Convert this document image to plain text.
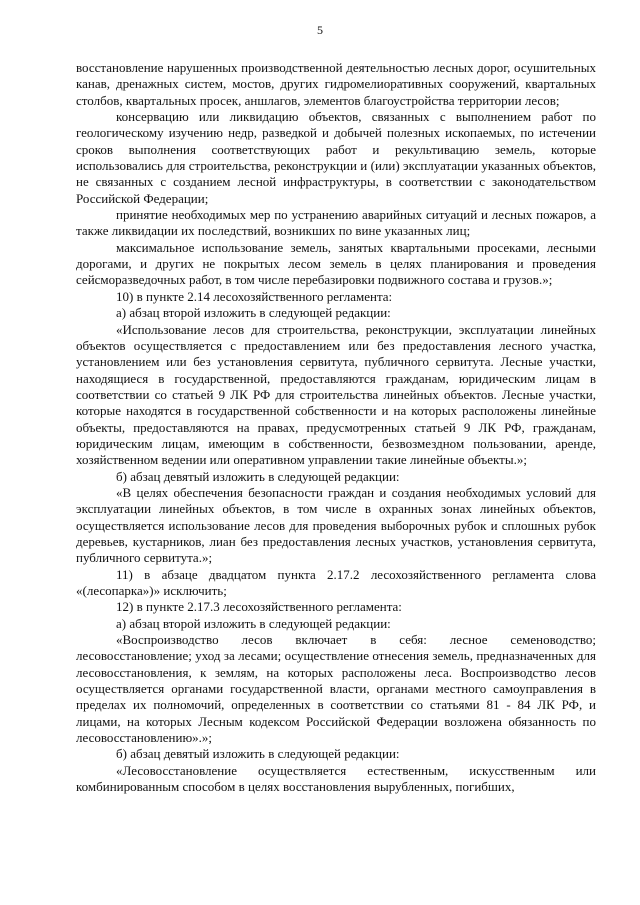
5

восстановление нарушенных производственной деятельностью лесных дорог, осушительных канав, дренажных систем, мостов, других гидромелиоративных сооружений, квартальных столбов, квартальных просек, аншлагов, элементов благоустройства территории лесов;

консервацию или ликвидацию объектов, связанных с выполнением работ по геологическому изучению недр, разведкой и добычей полезных ископаемых, по истечении сроков выполнения соответствующих работ и рекультивацию земель, которые использовались для строительства, реконструкции и (или) эксплуатации указанных объектов, не связанных с созданием лесной инфраструктуры, в соответствии с законодательством Российской Федерации;

принятие необходимых мер по устранению аварийных ситуаций и лесных пожаров, а также ликвидации их последствий, возникших по вине указанных лиц;

максимальное использование земель, занятых квартальными просеками, лесными дорогами, и других не покрытых лесом земель в целях планирования и проведения сейсморазведочных работ, в том числе перебазировки подвижного состава и грузов.»;

10) в пункте 2.14 лесохозяйственного регламента:

а) абзац второй изложить в следующей редакции:

«Использование лесов для строительства, реконструкции, эксплуатации линейных объектов осуществляется с предоставлением или без предоставления лесного участка, установлением или без установления сервитута, публичного сервитута. Лесные участки, находящиеся в государственной, предоставляются гражданам, юридическим лицам в соответствии со статьей 9 ЛК РФ для строительства линейных объектов. Лесные участки, которые находятся в государственной собственности и на которых расположены линейные объекты, предоставляются на правах, предусмотренных статьей 9 ЛК РФ, гражданам, юридическим лицам, имеющим в собственности, безвозмездном пользовании, аренде, хозяйственном ведении или оперативном управлении такие линейные объекты.»;

б) абзац девятый изложить в следующей редакции:

«В целях обеспечения безопасности граждан и создания необходимых условий для эксплуатации линейных объектов, в том числе в охранных зонах линейных объектов, осуществляется использование лесов для проведения выборочных рубок и сплошных рубок деревьев, кустарников, лиан без предоставления лесных участков, установления сервитута, публичного сервитута.»;

11) в абзаце двадцатом пункта 2.17.2 лесохозяйственного регламента слова «(лесопарка»)» исключить;

12) в пункте 2.17.3 лесохозяйственного регламента:

а) абзац второй изложить в следующей редакции:

«Воспроизводство лесов включает в себя: лесное семеноводство; лесовосстановление; уход за лесами; осуществление отнесения земель, предназначенных для лесовосстановления, к землям, на которых расположены леса. Воспроизводство лесов осуществляется органами государственной власти, органами местного самоуправления в пределах их полномочий, определенных в соответствии со статьями 81 - 84 ЛК РФ, и лицами, на которых Лесным кодексом Российской Федерации возложена обязанность по лесовосстановлению».»;

б) абзац девятый изложить в следующей редакции:

«Лесовосстановление осуществляется естественным, искусственным или комбинированным способом в целях восстановления вырубленных, погибших,
